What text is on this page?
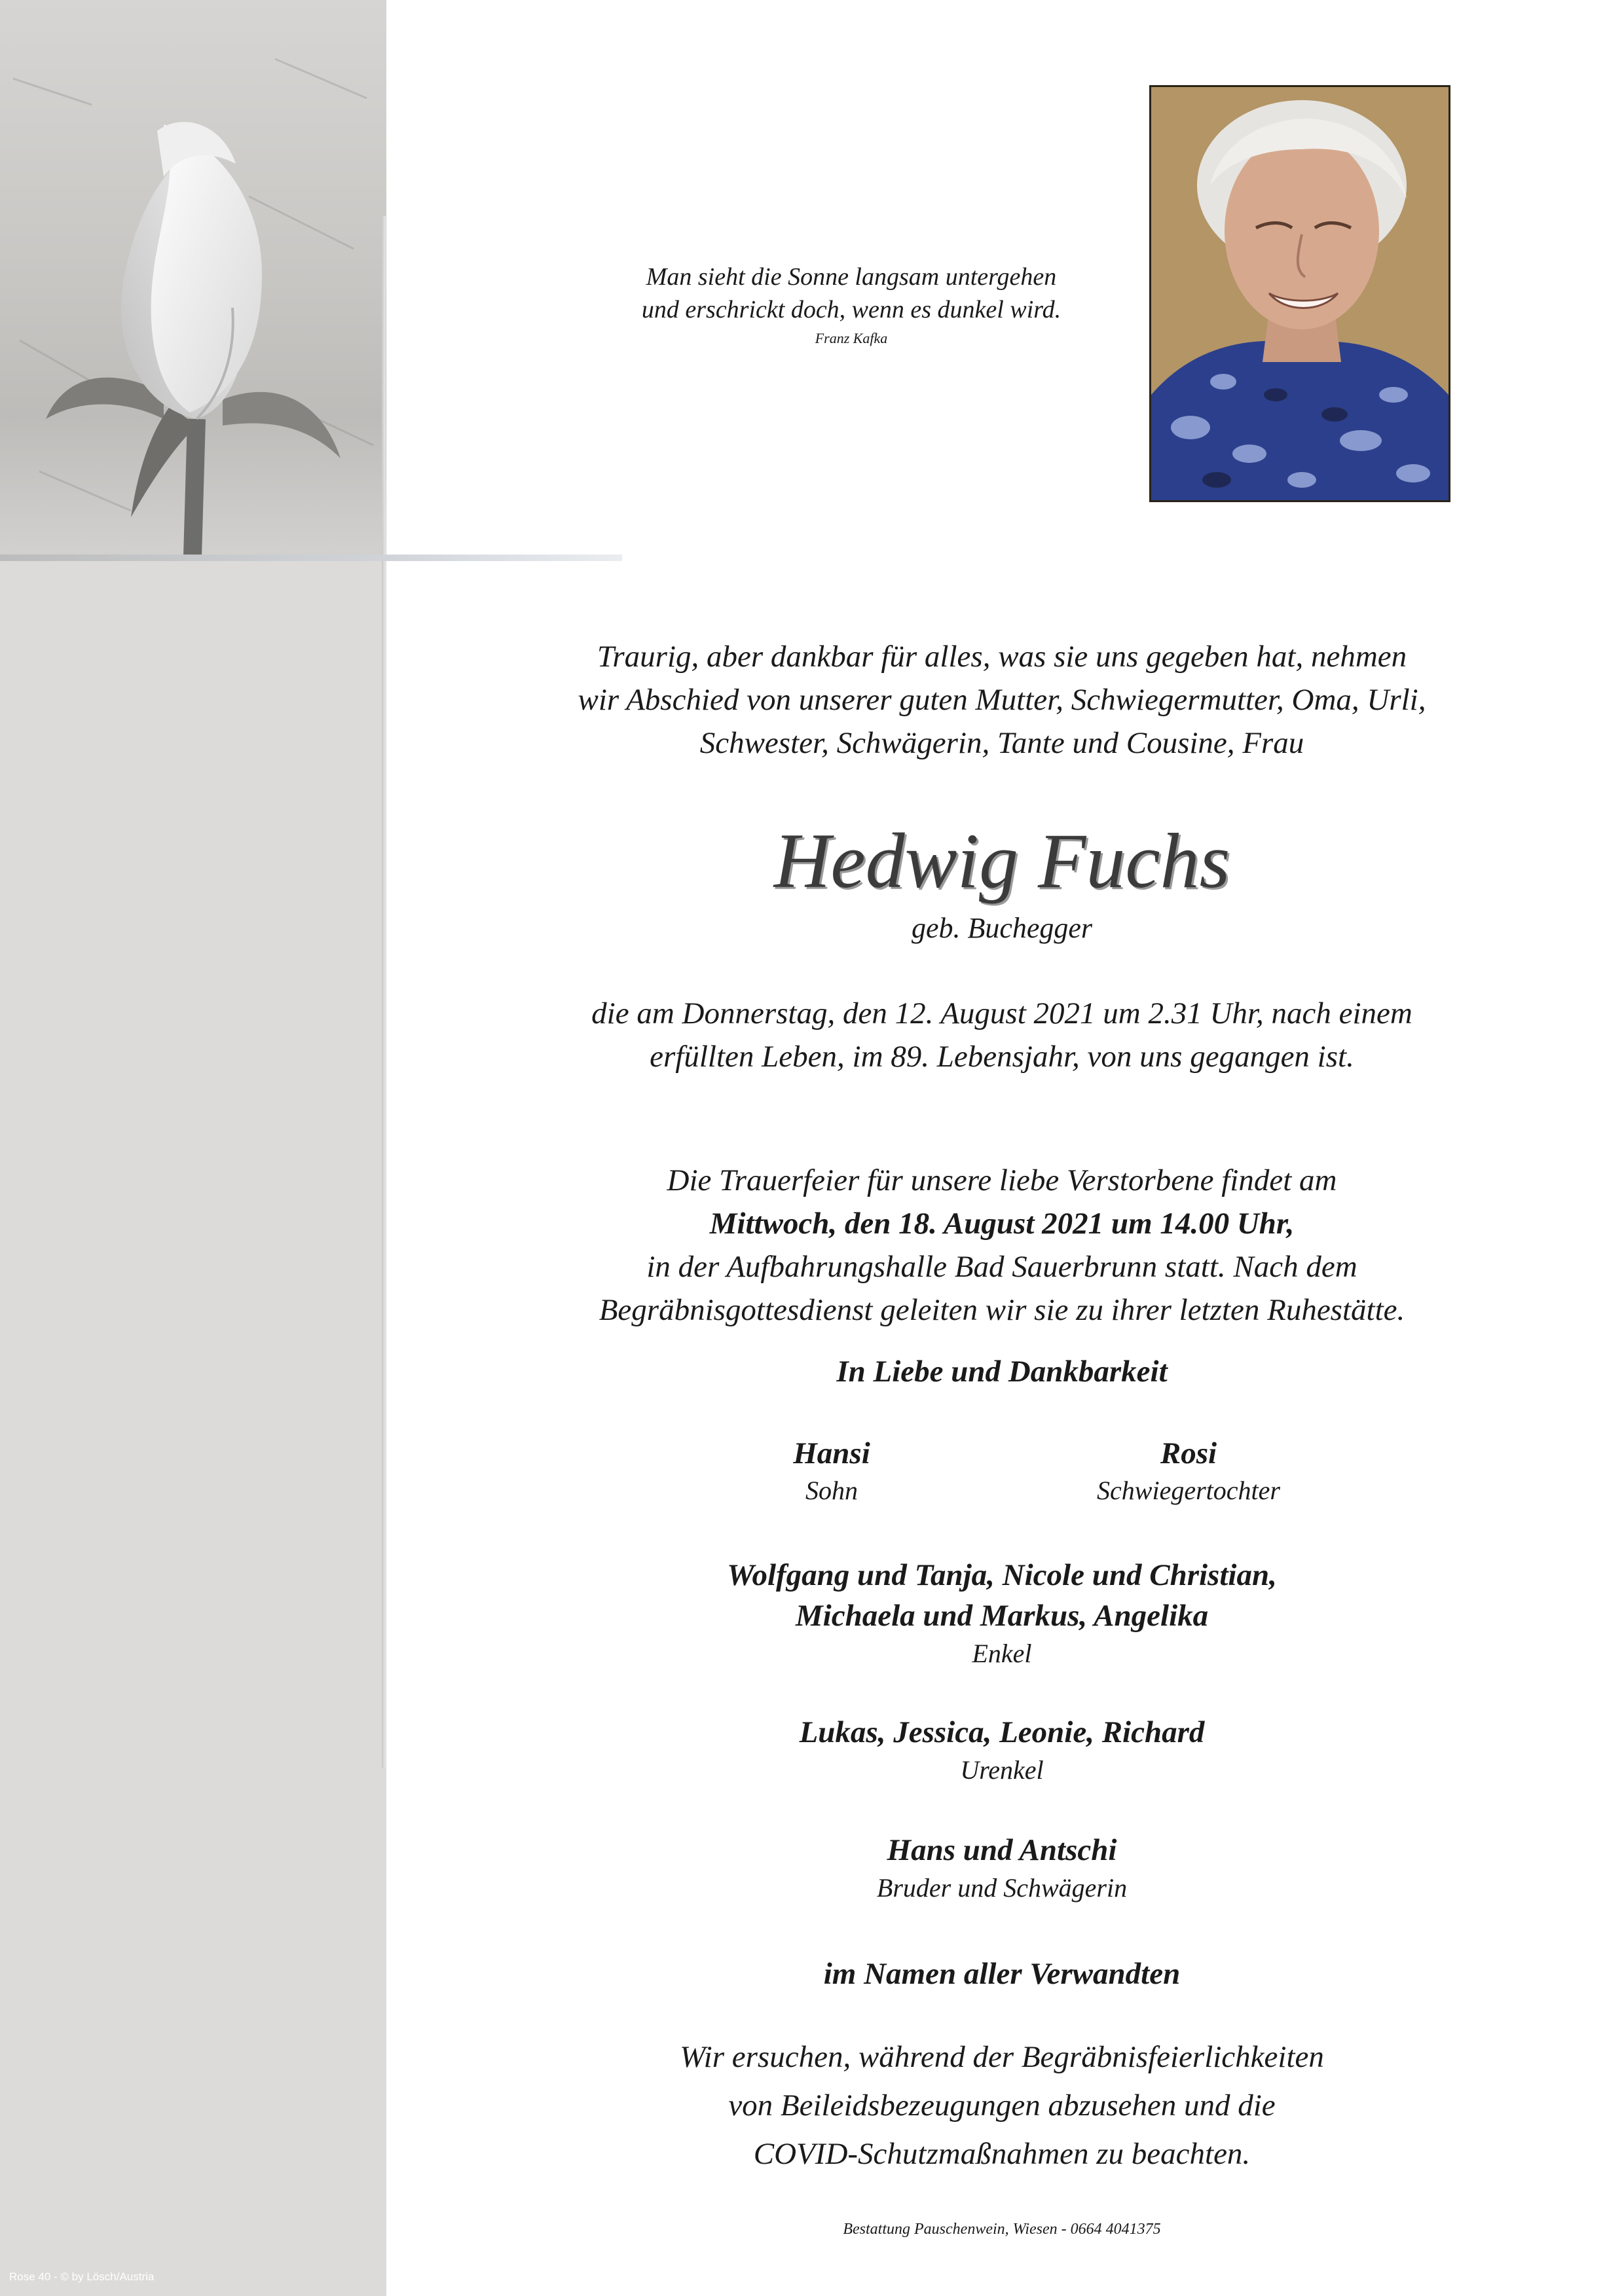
Rose 40 - © by Lösch/Austria
Man sieht die Sonne langsam untergehen
und erschrickt doch, wenn es dunkel wird.
Franz Kafka
Traurig, aber dankbar für alles, was sie uns gegeben hat, nehmen
wir Abschied von unserer guten Mutter, Schwiegermutter, Oma, Urli,
Schwester, Schwägerin, Tante und Cousine, Frau
Hedwig Fuchs
geb. Buchegger
die am Donnerstag, den 12. August 2021 um 2.31 Uhr, nach einem
erfüllten Leben, im 89. Lebensjahr, von uns gegangen ist.
Die Trauerfeier für unsere liebe Verstorbene findet am
Mittwoch, den 18. August 2021 um 14.00 Uhr,
in der Aufbahrungshalle Bad Sauerbrunn statt. Nach dem
Begräbnisgottesdienst geleiten wir sie zu ihrer letzten Ruhestätte.
In Liebe und Dankbarkeit
Hansi
Sohn
Rosi
Schwiegertochter
Wolfgang und Tanja, Nicole und Christian,
Michaela und Markus, Angelika
Enkel
Lukas, Jessica, Leonie, Richard
Urenkel
Hans und Antschi
Bruder und Schwägerin
im Namen aller Verwandten
Wir ersuchen, während der Begräbnisfeierlichkeiten
von Beileidsbezeugungen abzusehen und die
COVID-Schutzmaßnahmen zu beachten.
Bestattung Pauschenwein, Wiesen - 0664 4041375
